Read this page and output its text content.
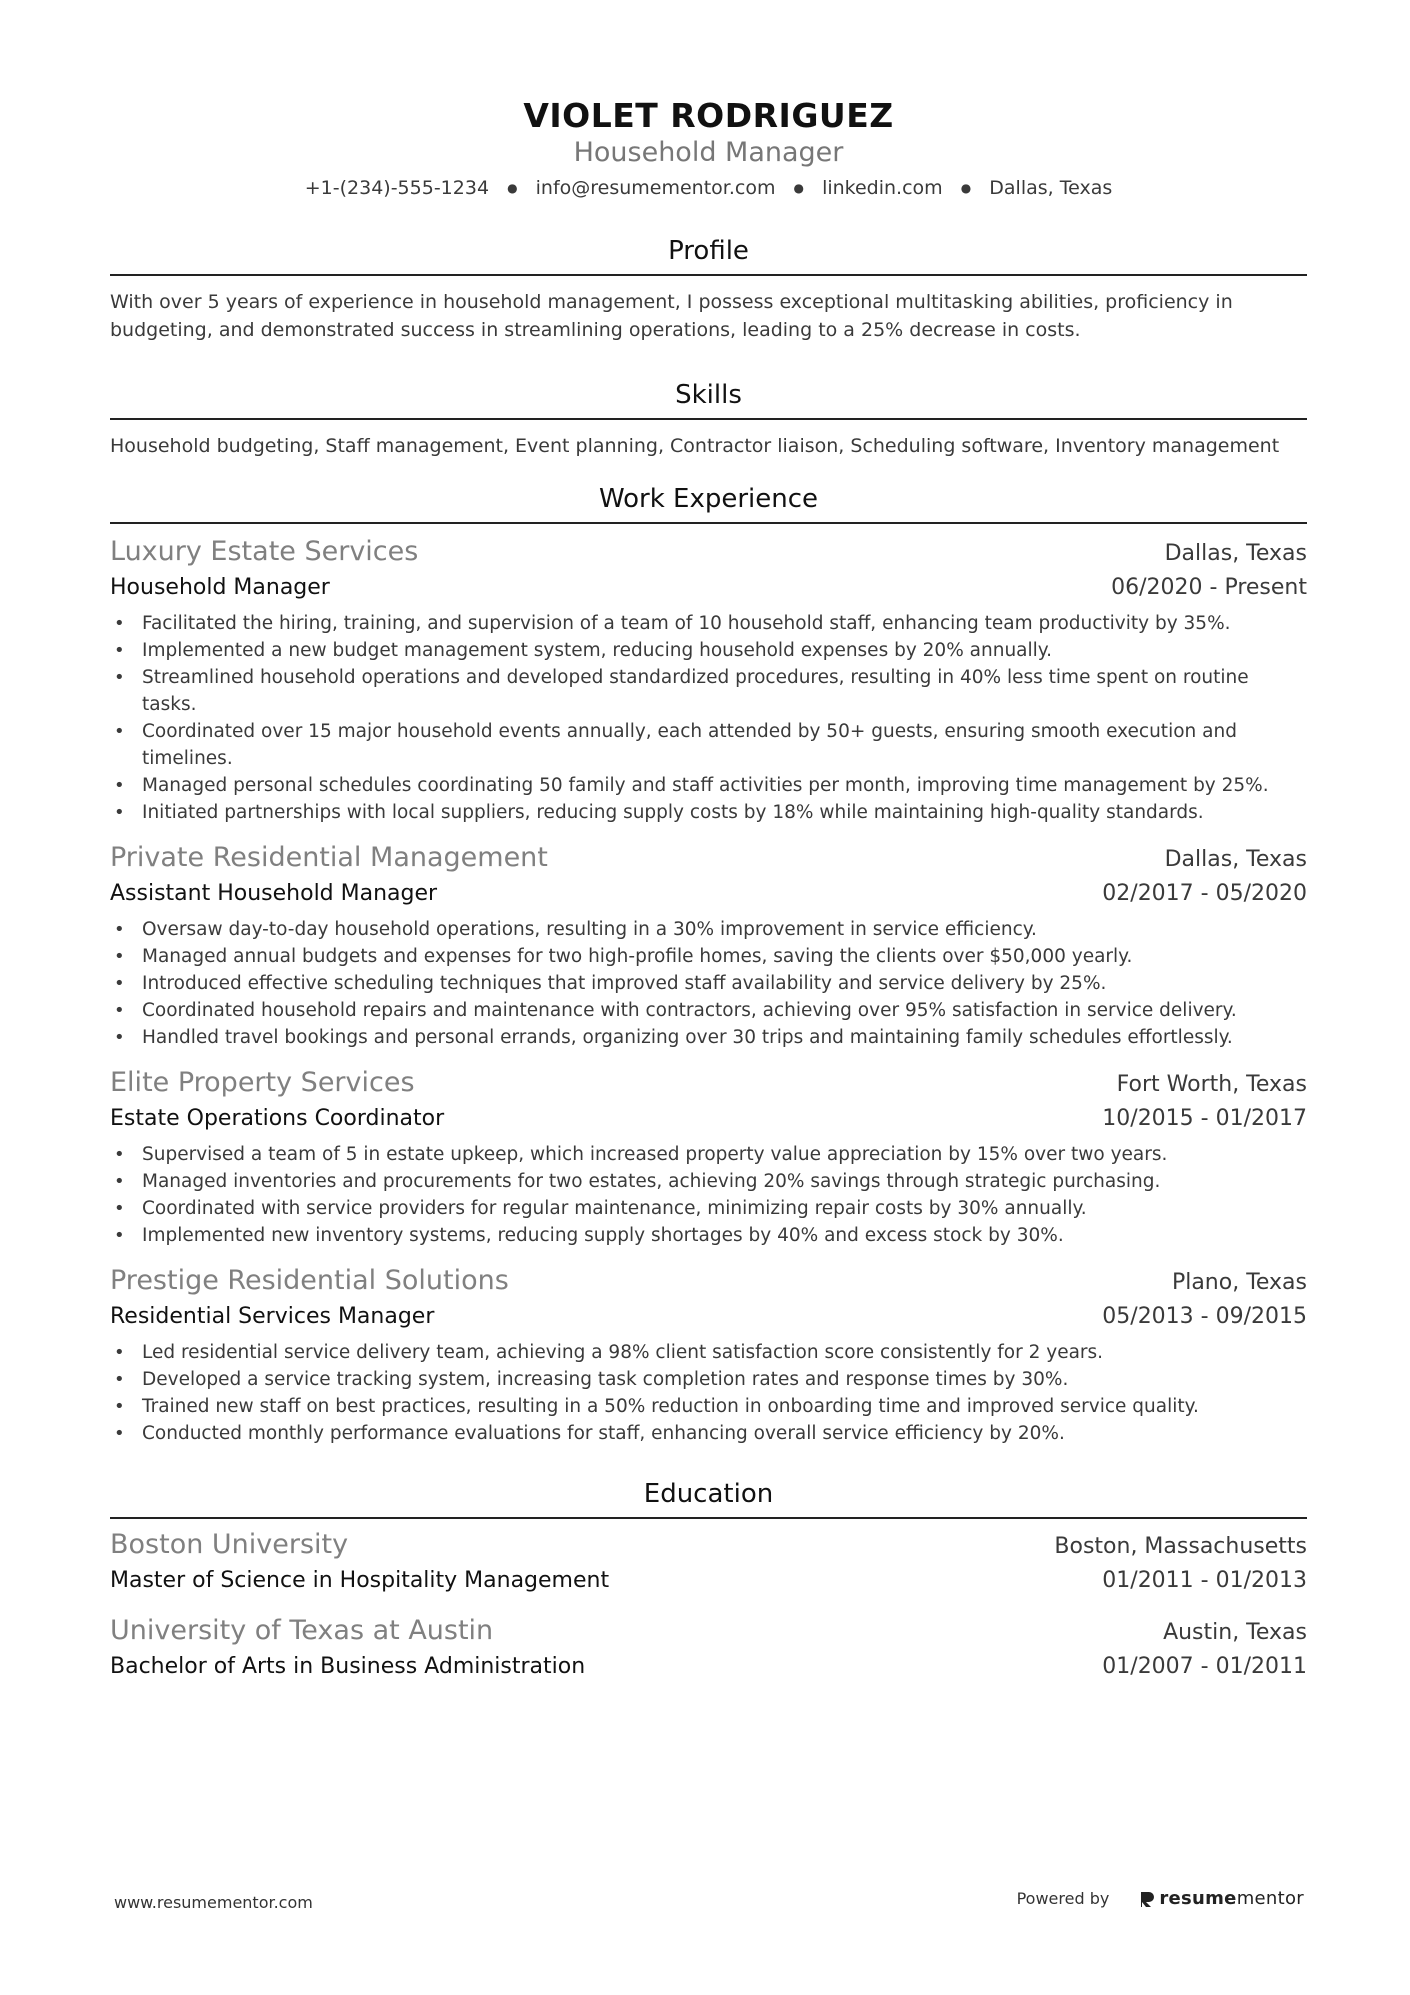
VIOLET RODRIGUEZ
Household Manager
+1-(234)-555-1234 ● info@resumementor.com ● linkedin.com ● Dallas, Texas
Profile
With over 5 years of experience in household management, I possess exceptional multitasking abilities, proficiency in budgeting, and demonstrated success in streamlining operations, leading to a 25% decrease in costs.
Skills
Household budgeting, Staff management, Event planning, Contractor liaison, Scheduling software, Inventory management
Work Experience
Luxury Estate Services	Dallas, Texas
Household Manager	06/2020 - Present
• Facilitated the hiring, training, and supervision of a team of 10 household staff, enhancing team productivity by 35%.
• Implemented a new budget management system, reducing household expenses by 20% annually.
• Streamlined household operations and developed standardized procedures, resulting in 40% less time spent on routine tasks.
• Coordinated over 15 major household events annually, each attended by 50+ guests, ensuring smooth execution and timelines.
• Managed personal schedules coordinating 50 family and staff activities per month, improving time management by 25%.
• Initiated partnerships with local suppliers, reducing supply costs by 18% while maintaining high-quality standards.
Private Residential Management	Dallas, Texas
Assistant Household Manager	02/2017 - 05/2020
• Oversaw day-to-day household operations, resulting in a 30% improvement in service efficiency.
• Managed annual budgets and expenses for two high-profile homes, saving the clients over $50,000 yearly.
• Introduced effective scheduling techniques that improved staff availability and service delivery by 25%.
• Coordinated household repairs and maintenance with contractors, achieving over 95% satisfaction in service delivery.
• Handled travel bookings and personal errands, organizing over 30 trips and maintaining family schedules effortlessly.
Elite Property Services	Fort Worth, Texas
Estate Operations Coordinator	10/2015 - 01/2017
• Supervised a team of 5 in estate upkeep, which increased property value appreciation by 15% over two years.
• Managed inventories and procurements for two estates, achieving 20% savings through strategic purchasing.
• Coordinated with service providers for regular maintenance, minimizing repair costs by 30% annually.
• Implemented new inventory systems, reducing supply shortages by 40% and excess stock by 30%.
Prestige Residential Solutions	Plano, Texas
Residential Services Manager	05/2013 - 09/2015
• Led residential service delivery team, achieving a 98% client satisfaction score consistently for 2 years.
• Developed a service tracking system, increasing task completion rates and response times by 30%.
• Trained new staff on best practices, resulting in a 50% reduction in onboarding time and improved service quality.
• Conducted monthly performance evaluations for staff, enhancing overall service efficiency by 20%.
Education
Boston University	Boston, Massachusetts
Master of Science in Hospitality Management	01/2011 - 01/2013
University of Texas at Austin	Austin, Texas
Bachelor of Arts in Business Administration	01/2007 - 01/2011
www.resumementor.com	Powered by	resumementor
